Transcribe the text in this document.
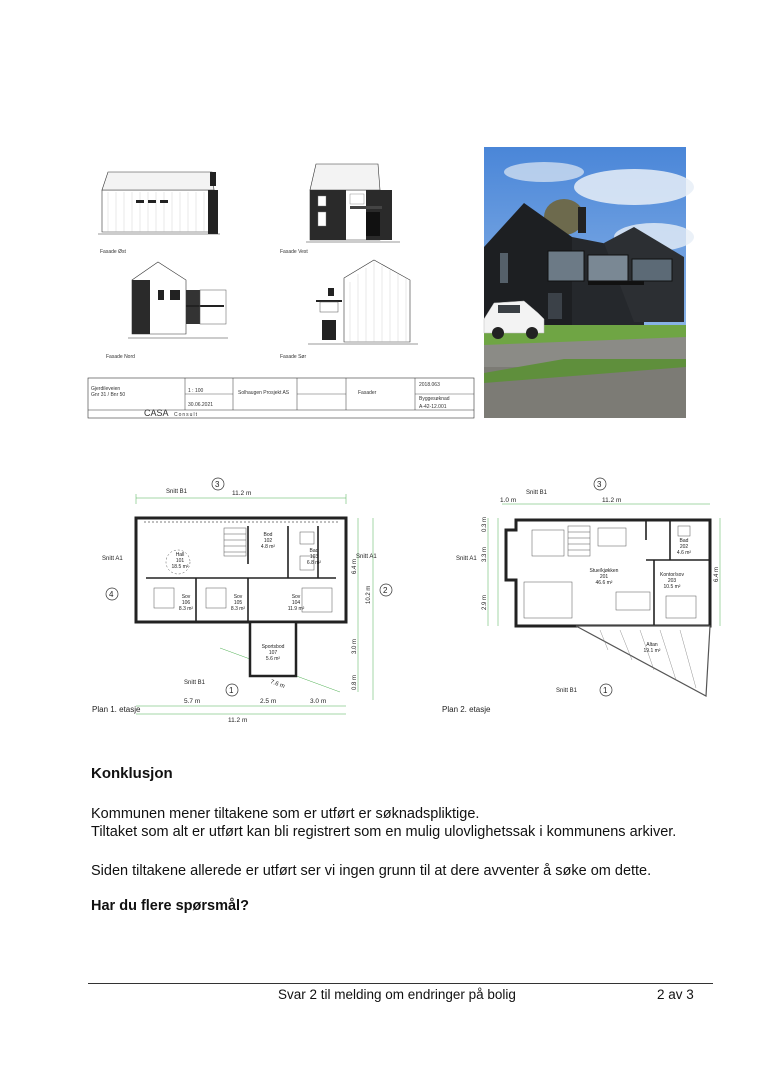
Fasade Øst	Fasade Vest
Fasade Nord	Fasade Sør
Gjerdileveien
Gnr 31 / Bnr 50
1 : 100
30.06.2021
Solhaugen Prosjekt AS	Fasader
2018.063
Byggesøknad
A-42-12.001
CASA Consult
3
1
4	2
Snitt B1
Snitt B1
Snitt A1	Snitt A1
11.2 m
11.2 m
5.7 m	2.5 m	3.0 m
10.2 m
6.4 m
3.0 m
0.8 m
7.6 m
Bod
102
4.8 m²
Bad
103
6.8 m²
Hall
101
18.5 m²
Sov
106
8.3 m²
Sov
105
8.3 m²
Sov
104
11.9 m²
Sportsbod
107
5.6 m²
Plan 1. etasje
3
1
Snitt B1
Snitt B1
Snitt A1
1.0 m	11.2 m
0.3 m
3.3 m
2.9 m
6.4 m
Bad
202
4.6 m²
Stue/kjøkken
201
46.6 m²
Kontor/sov
203
10.5 m²
Altan
19.1 m²
Plan 2. etasje
Konklusjon
Kommunen mener tiltakene som er utført er søknadspliktige.
Tiltaket som alt er utført kan bli registrert som en mulig ulovlighetssak i kommunens arkiver.
Siden tiltakene allerede er utført ser vi ingen grunn til at dere avventer å søke om dette.
Har du flere spørsmål?
Svar 2 til melding om endringer på bolig	2 av 3
